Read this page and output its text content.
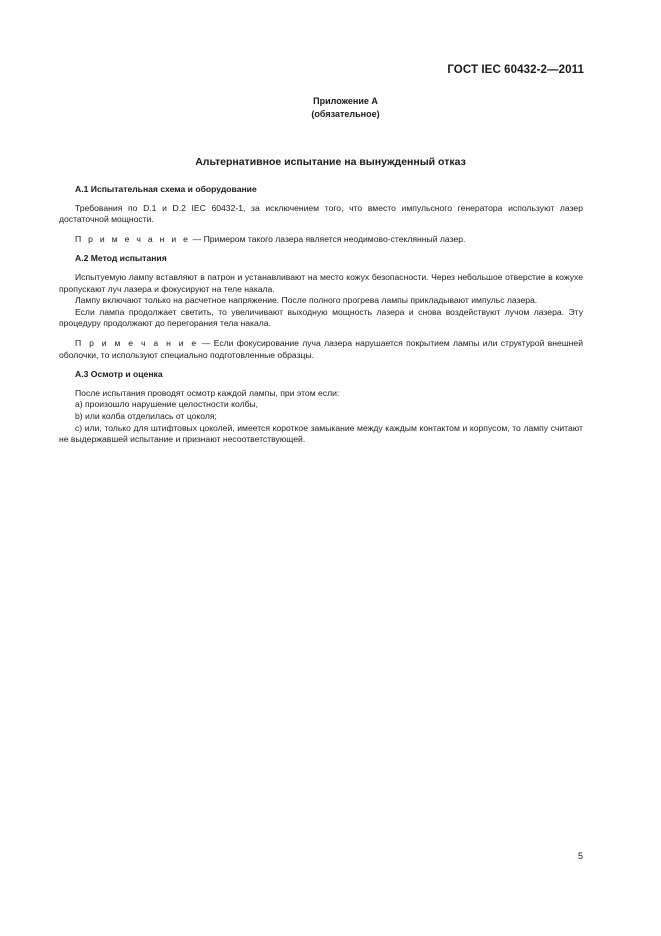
ГОСТ IEC 60432-2—2011
Приложение А
(обязательное)
Альтернативное испытание на вынужденный отказ
А.1 Испытательная схема и оборудование

Требования по D.1 и D.2 IEC 60432-1, за исключением того, что вместо импульсного генератора используют лазер достаточной мощности.

П р и м е ч а н и е — Примером такого лазера является неодимово-стеклянный лазер.

А.2 Метод испытания

Испытуемую лампу вставляют в патрон и устанавливают на место кожух безопасности. Через небольшое отверстие в кожухе пропускают луч лазера и фокусируют на теле накала.

Лампу включают только на расчетное напряжение. После полного прогрева лампы прикладывают импульс лазера.

Если лампа продолжает светить, то увеличивают выходную мощность лазера и снова воздействуют лучом лазера. Эту процедуру продолжают до перегорания тела накала.

П р и м е ч а н и е — Если фокусирование луча лазера нарушается покрытием лампы или структурой внешней оболочки, то используют специально подготовленные образцы.

А.3 Осмотр и оценка

После испытания проводят осмотр каждой лампы, при этом если:

а) произошло нарушение целостности колбы,

b) или колба отделилась от цоколя;

с) или, только для штифтовых цоколей, имеется короткое замыкание между каждым контактом и корпусом, то лампу считают не выдержавшей испытание и признают несоответствующей.

5
